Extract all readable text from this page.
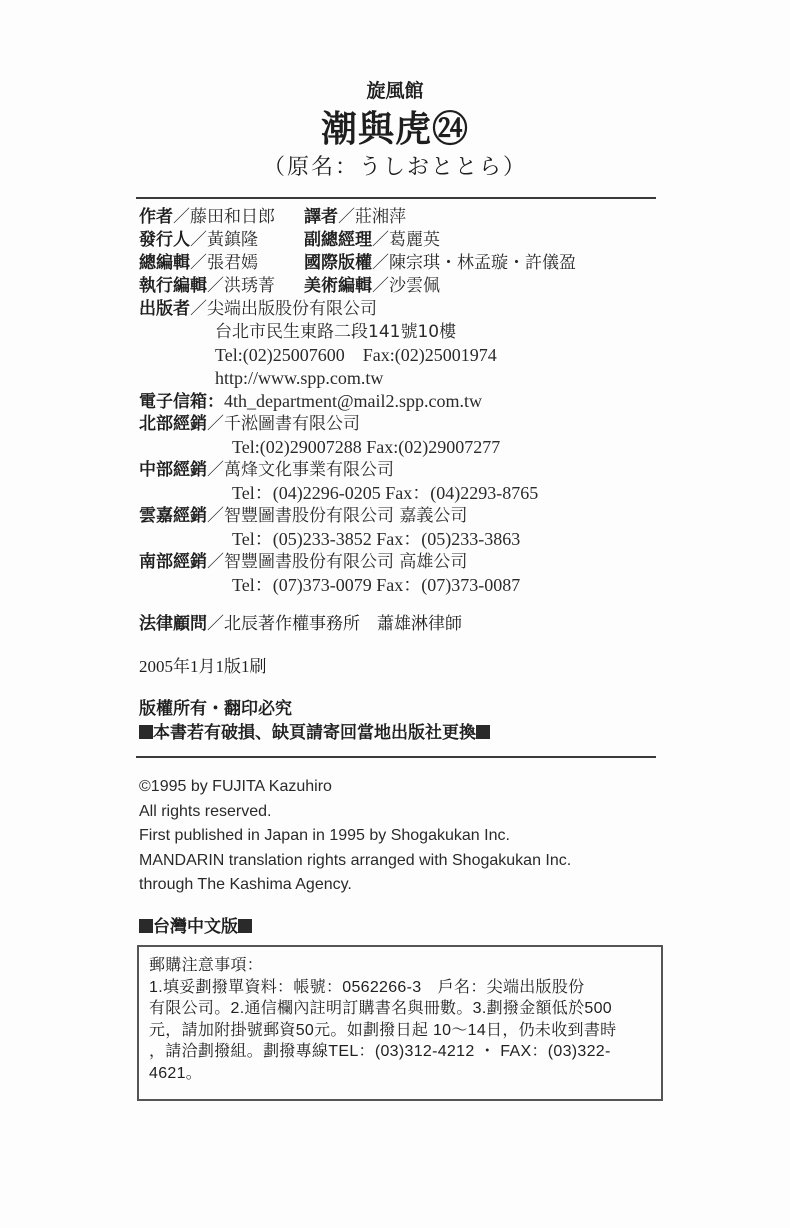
旋風館
潮與虎㉔
（原名：うしおととら）
作者／藤田和日郎 譯者／莊湘萍
發行人／黃鎮隆	副總經理／葛麗英
總編輯／張君嫣	國際版權／陳宗琪・林孟璇・許儀盈
執行編輯／洪琇菁 美術編輯／沙雲佩
出版者／尖端出版股份有限公司
台北市民生東路二段141號10樓
Tel:(02)25007600　Fax:(02)25001974
http://www.spp.com.tw
電子信箱：4th_department@mail2.spp.com.tw
北部經銷／千淞圖書有限公司
Tel:(02)29007288 Fax:(02)29007277
中部經銷／萬烽文化事業有限公司
Tel：(04)2296-0205 Fax：(04)2293-8765
雲嘉經銷／智豐圖書股份有限公司 嘉義公司
Tel：(05)233-3852 Fax：(05)233-3863
南部經銷／智豐圖書股份有限公司 高雄公司
Tel：(07)373-0079 Fax：(07)373-0087
法律顧問／北辰著作權事務所　蕭雄淋律師
2005年1月1版1刷
版權所有・翻印必究
本書若有破損、缺頁請寄回當地出版社更換
©1995 by FUJITA Kazuhiro
All rights reserved.
First published in Japan in 1995 by Shogakukan Inc.
MANDARIN translation rights arranged with Shogakukan Inc.
through The Kashima Agency.
台灣中文版
郵購注意事項：
1.填妥劃撥單資料：帳號：0562266-3　戶名：尖端出版股份
有限公司。2.通信欄內註明訂購書名與冊數。3.劃撥金額低於500
元，請加附掛號郵資50元。如劃撥日起 10～14日，仍未收到書時
，請洽劃撥組。劃撥專線TEL：(03)312-4212 ・ FAX：(03)322-
4621。
